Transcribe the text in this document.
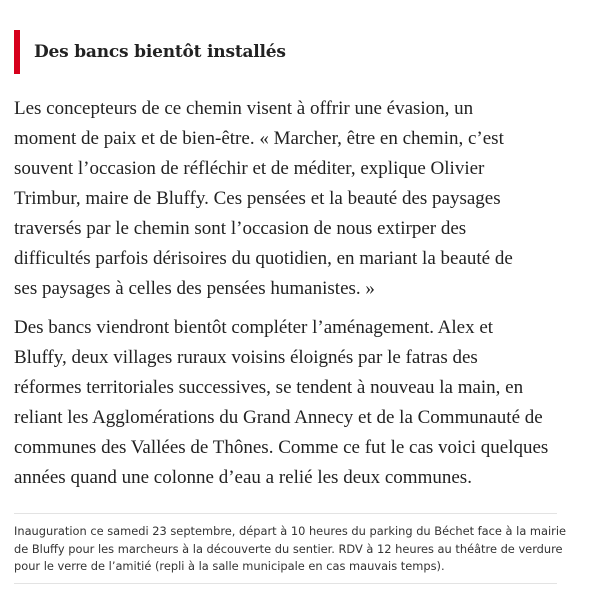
Des bancs bientôt installés

Les concepteurs de ce chemin visent à offrir une évasion, un
moment de paix et de bien-être. « Marcher, être en chemin, c’est
souvent l’occasion de réfléchir et de méditer, explique Olivier
Trimbur, maire de Bluffy. Ces pensées et la beauté des paysages
traversés par le chemin sont l’occasion de nous extirper des
difficultés parfois dérisoires du quotidien, en mariant la beauté de
ses paysages à celles des pensées humanistes. »

Des bancs viendront bientôt compléter l’aménagement. Alex et
Bluffy, deux villages ruraux voisins éloignés par le fatras des
réformes territoriales successives, se tendent à nouveau la main, en
reliant les Agglomérations du Grand Annecy et de la Communauté de
communes des Vallées de Thônes. Comme ce fut le cas voici quelques
années quand une colonne d’eau a relié les deux communes.

Inauguration ce samedi 23 septembre, départ à 10 heures du parking du Béchet face à la mairie
de Bluffy pour les marcheurs à la découverte du sentier. RDV à 12 heures au théâtre de verdure
pour le verre de l’amitié (repli à la salle municipale en cas mauvais temps).
